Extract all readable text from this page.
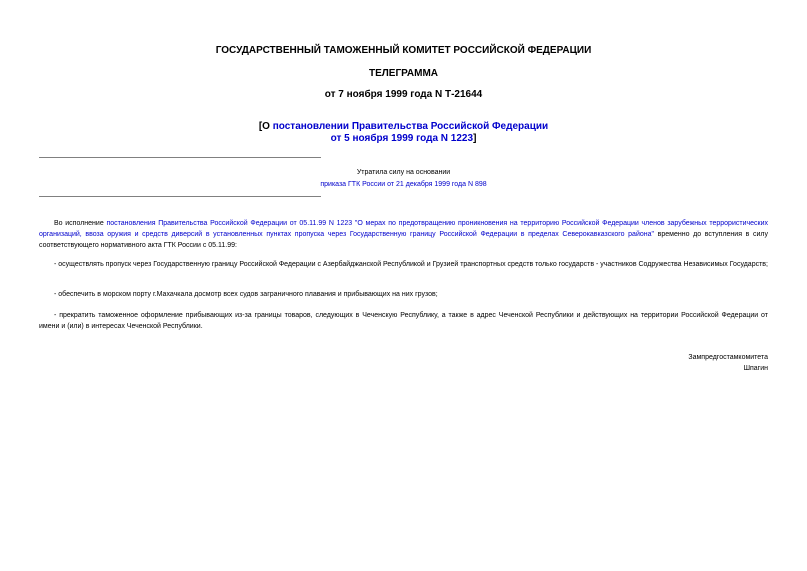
ГОСУДАРСТВЕННЫЙ ТАМОЖЕННЫЙ КОМИТЕТ РОССИЙСКОЙ ФЕДЕРАЦИИ
ТЕЛЕГРАММА
от 7 ноября 1999 года N Т-21644
[О постановлении Правительства Российской Федерации
от 5 ноября 1999 года N 1223]
Утратила силу на основании
приказа ГТК России от 21 декабря 1999 года N 898

Во исполнение постановления Правительства Российской Федерации от 05.11.99 N 1223 "О мерах по предотвращению проникновения на территорию Российской Федерации членов зарубежных террористических организаций, ввоза оружия и средств диверсий в установленных пунктах пропуска через Государственную границу Российской Федерации в пределах Северокавказского района" временно до вступления в силу соответствующего нормативного акта ГТК России с 05.11.99:

- осуществлять пропуск через Государственную границу Российской Федерации с Азербайджанской Республикой и Грузией транспортных средств только государств - участников Содружества Независимых Государств;

- обеспечить в морском порту г.Махачкала досмотр всех судов заграничного плавания и прибывающих на них грузов;

- прекратить таможенное оформление прибывающих из-за границы товаров, следующих в Чеченскую Республику, а также в адрес Чеченской Республики и действующих на территории Российской Федерации от имени и (или) в интересах Чеченской Республики.

Зампредгостамкомитета
Шпагин
